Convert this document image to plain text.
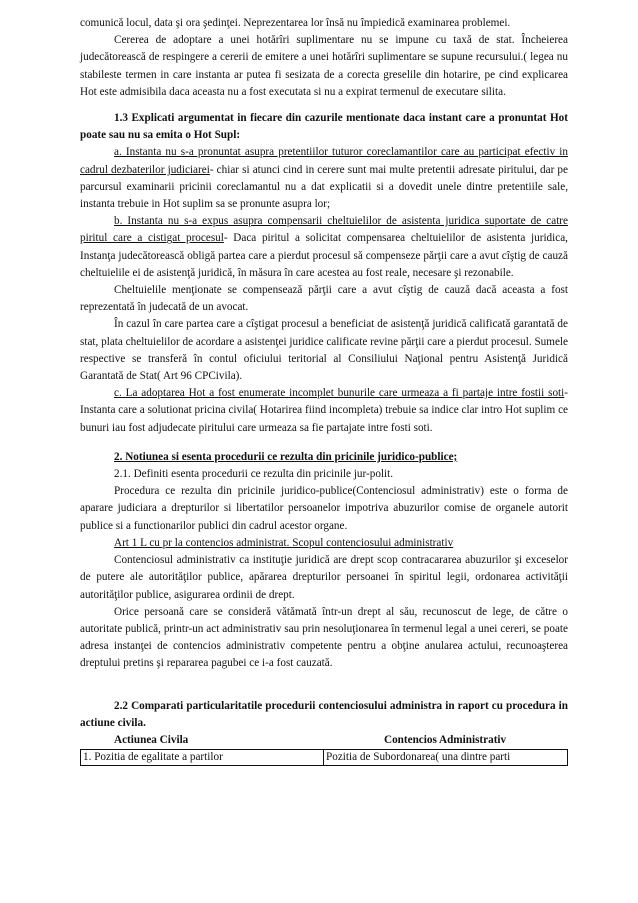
comunică locul, data şi ora şedinţei. Neprezentarea lor însă nu împiedică examinarea problemei.

Cererea de adoptare a unei hotărîri suplimentare nu se impune cu taxă de stat. Încheierea judecătorească de respingere a cererii de emitere a unei hotărîri suplimentare se supune recursului.( legea nu stabileste termen in care instanta ar putea fi sesizata de a corecta greselile din hotarire, pe cind explicarea Hot este admisibila daca aceasta nu a fost executata si nu a expirat termenul de executare silita.

1.3 Explicati argumentat in fiecare din cazurile mentionate daca instant care a pronuntat Hot poate sau nu sa emita o Hot Supl:

a. Instanta nu s-a pronuntat asupra pretentiilor tuturor coreclamantilor care au participat efectiv in cadrul dezbaterilor judiciarei- chiar si atunci cind in cerere sunt mai multe pretentii adresate piritului, dar pe parcursul examinarii pricinii coreclamantul nu a dat explicatii si a dovedit unele dintre pretentiile sale, instanta trebuie in Hot suplim sa se pronunte asupra lor;

b. Instanta nu s-a expus asupra compensarii cheltuielilor de asistenta juridica suportate de catre piritul care a cistigat procesul- Daca piritul a solicitat compensarea cheltuielilor de asistenta juridica, Instanţa judecătorească obligă partea care a pierdut procesul să compenseze părţii care a avut cîştig de cauză cheltuielile ei de asistenţă juridică, în măsura în care acestea au fost reale, necesare şi rezonabile.

Cheltuielile menţionate se compensează părţii care a avut cîştig de cauză dacă aceasta a fost reprezentată în judecată de un avocat.

În cazul în care partea care a cîştigat procesul a beneficiat de asistenţă juridică calificată garantată de stat, plata cheltuielilor de acordare a asistenţei juridice calificate revine părţii care a pierdut procesul. Sumele respective se transferă în contul oficiului teritorial al Consiliului Naţional pentru Asistenţă Juridică Garantată de Stat( Art 96 CPCivila).

c. La adoptarea Hot a fost enumerate incomplet bunurile care urmeaza a fi partaje intre fostii soti- Instanta care a solutionat pricina civila( Hotarirea fiind incompleta) trebuie sa indice clar intro Hot suplim ce bunuri iau fost adjudecate piritului care urmeaza sa fie partajate intre fosti soti.

2. Notiunea si esenta procedurii ce rezulta din pricinile juridico-publice;

2.1. Definiti esenta procedurii ce rezulta din pricinile jur-polit.

Procedura ce rezulta din pricinile juridico-publice(Contenciosul administrativ) este o forma de aparare judiciara a drepturilor si libertatilor persoanelor impotriva abuzurilor comise de organele autorit publice si a functionarilor publici din cadrul acestor organe.

Art 1 L cu pr la contencios administrat. Scopul contenciosului administrativ

Contenciosul administrativ ca instituţie juridică are drept scop contracararea abuzurilor şi exceselor de putere ale autorităţilor publice, apărarea drepturilor persoanei în spiritul legii, ordonarea activităţii autorităţilor publice, asigurarea ordinii de drept.

Orice persoană care se consideră vătămată într-un drept al său, recunoscut de lege, de către o autoritate publică, printr-un act administrativ sau prin nesoluţionarea în termenul legal a unei cereri, se poate adresa instanţei de contencios administrativ competente pentru a obţine anularea actului, recunoaşterea dreptului pretins şi repararea pagubei ce i-a fost cauzată.

2.2 Comparati particularitatile procedurii contenciosului administra in raport cu procedura in actiune civila.

Actiunea Civila	Contencios Administrativ
1. Pozitia de egalitate a partilor	Pozitia de Subordonarea( una dintre parti
